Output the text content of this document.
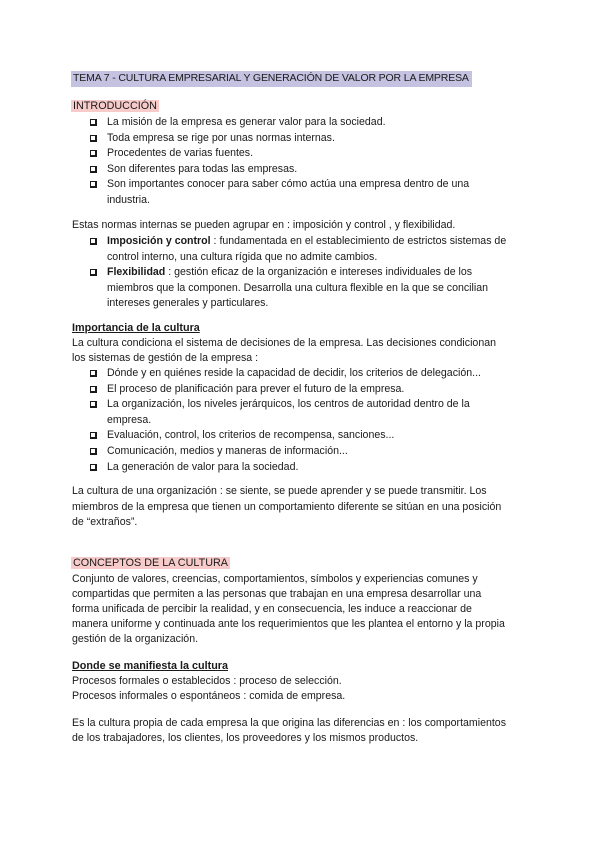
TEMA 7 - CULTURA EMPRESARIAL Y GENERACIÓN DE VALOR POR LA EMPRESA
INTRODUCCIÓN
La misión de la empresa es generar valor para la sociedad.
Toda empresa se rige por unas normas internas.
Procedentes de varias fuentes.
Son diferentes para todas las empresas.
Son importantes conocer para saber cómo actúa una empresa dentro de una
industria.
Estas normas internas se pueden agrupar en : imposición y control , y flexibilidad.
Imposición y control : fundamentada en el establecimiento de estrictos sistemas de
control interno, una cultura rígida que no admite cambios.
Flexibilidad : gestión eficaz de la organización e intereses individuales de los
miembros que la componen. Desarrolla una cultura flexible en la que se concilian
intereses generales y particulares.
Importancia de la cultura
La cultura condiciona el sistema de decisiones de la empresa. Las decisiones condicionan
los sistemas de gestión de la empresa :
Dónde y en quiénes reside la capacidad de decidir, los criterios de delegación...
El proceso de planificación para prever el futuro de la empresa.
La organización, los niveles jerárquicos, los centros de autoridad dentro de la
empresa.
Evaluación, control, los criterios de recompensa, sanciones...
Comunicación, medios y maneras de información...
La generación de valor para la sociedad.
La cultura de una organización : se siente, se puede aprender y se puede transmitir. Los
miembros de la empresa que tienen un comportamiento diferente se sitúan en una posición
de “extraños”.
CONCEPTOS DE LA CULTURA
Conjunto de valores, creencias, comportamientos, símbolos y experiencias comunes y
compartidas que permiten a las personas que trabajan en una empresa desarrollar una
forma unificada de percibir la realidad, y en consecuencia, les induce a reaccionar de
manera uniforme y continuada ante los requerimientos que les plantea el entorno y la propia
gestión de la organización.
Donde se manifiesta la cultura
Procesos formales o establecidos : proceso de selección.
Procesos informales o espontáneos : comida de empresa.
Es la cultura propia de cada empresa la que origina las diferencias en : los comportamientos
de los trabajadores, los clientes, los proveedores y los mismos productos.
